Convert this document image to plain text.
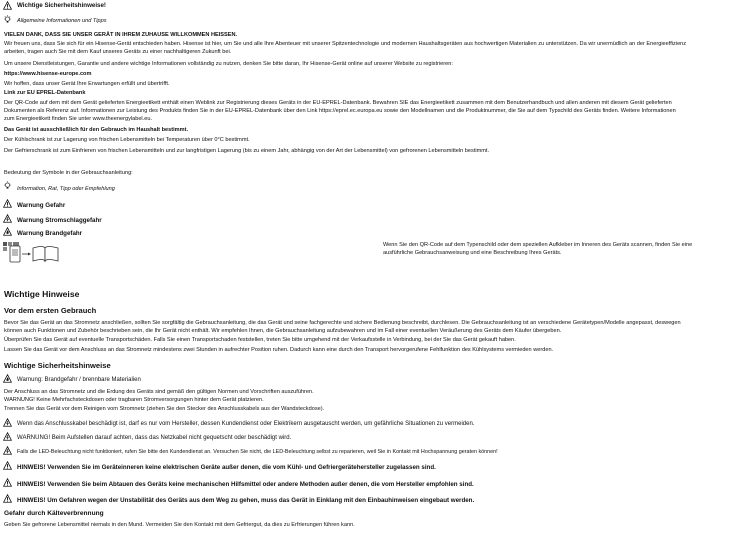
Wichtige Sicherheitshinweise!
Allgemeine Informationen und Tipps
VIELEN DANK, DASS SIE UNSER GERÄT IN IHREM ZUHAUSE WILLKOMMEN HEISSEN.
Wir freuen uns, dass Sie sich für ein Hisense-Gerät entschieden haben. Hisense ist hier, um Sie und alle Ihre Abenteuer mit unserer Spitzentechnologie und modernen Haushaltsgeräten aus hochwertigen Materialien zu unterstützen. Da wir unermüdlich an der Energieeffizienz
arbeiten, tragen auch Sie mit dem Kauf unseres Geräts zu einer nachhaltigeren Zukunft bei.
Um unsere Dienstleistungen, Garantie und andere wichtige Informationen vollständig zu nutzen, denken Sie bitte daran, Ihr Hisense-Gerät online auf unserer Website zu registrieren:
https://www.hisense-europe.com
Wir hoffen, dass unser Gerät Ihre Erwartungen erfüllt und übertrifft.
Link zur EU EPREL-Datenbank
Der QR-Code auf dem mit dem Gerät gelieferten Energieetikett enthält einen Weblink zur Registrierung dieses Geräts in der EU-EPREL-Datenbank. Bewahren SIE das Energieetikett zusammen mit dem Benutzerhandbuch und allen anderen mit diesem Gerät gelieferten
Dokumenten als Referenz auf. Informationen zur Leistung des Produkts finden Sie in der EU-EPREL-Datenbank über den Link https://eprel.ec.europa.eu sowie den Modellnamen und die Produktnummer, die Sie auf dem Typschild des Geräts finden. Weitere Informationen
zum Energieetikett finden Sie unter www.theenergylabel.eu.
Das Gerät ist ausschließlich für den Gebrauch im Haushalt bestimmt.
Der Kühlschrank ist zur Lagerung von frischen Lebensmitteln bei Temperaturen über 0°C bestimmt.
Der Gefrierschrank ist zum Einfrieren von frischen Lebensmitteln und zur langfristigen Lagerung (bis zu einem Jahr, abhängig von der Art der Lebensmittel) von gefrorenen Lebensmitteln bestimmt.
Bedeutung der Symbole in der Gebrauchsanleitung:
Information, Rat, Tipp oder Empfehlung
Warnung Gefahr
Warnung Stromschlaggefahr
Warnung Brandgefahr
Wenn Sie den QR-Code auf dem Typenschild oder dem speziellen Aufkleber im Inneren des Geräts scannen, finden Sie eine ausführliche Gebrauchsanweisung und eine Beschreibung Ihres Geräts.
Wichtige Hinweise
Vor dem ersten Gebrauch
Bevor Sie das Gerät an das Stromnetz anschließen, sollten Sie sorgfältig die Gebrauchsanleitung, die das Gerät und seine fachgerechte und sichere Bedienung beschreibt, durchlesen. Die Gebrauchsanleitung ist an verschiedene Gerätetypen/Modelle angepasst, deswegen
können auch Funktionen und Zubehör beschrieben sein, die Ihr Gerät nicht enthält. Wir empfehlen Ihnen, die Gebrauchsanleitung aufzubewahren und im Fall einer eventuellen Veräußerung des Geräts dem Käufer übergeben.
Überprüfen Sie das Gerät auf eventuelle Transportschäden. Falls Sie einen Transportschaden feststellen, treten Sie bitte umgehend mit der Verkaufsstelle in Verbindung, bei der Sie das Gerät gekauft haben.
Lassen Sie das Gerät vor dem Anschluss an das Stromnetz mindestens zwei Stunden in aufrechter Position ruhen. Dadurch kann eine durch den Transport hervorgerufene Fehlfunktion des Kühlsystems vermieden werden.
Wichtige Sicherheitshinweise
Warnung: Brandgefahr / brennbare Materialien
Der Anschluss an das Stromnetz und die Erdung des Geräts sind gemäß den gültigen Normen und Vorschriften auszuführen.
WARNUNG! Keine Mehrfachsteckdosen oder tragbaren Stromversorgungen hinter dem Gerät platzieren.
Trennen Sie das Gerät vor dem Reinigen vom Stromnetz (ziehen Sie den Stecker des Anschlusskabels aus der Wandsteckdose).
Wenn das Anschlusskabel beschädigt ist, darf es nur vom Hersteller, dessen Kundendienst oder Elektrikern ausgetauscht werden, um gefährliche Situationen zu vermeiden.
WARNUNG! Beim Aufstellen darauf achten, dass das Netzkabel nicht gequetscht oder beschädigt wird.
Falls die LED-Beleuchtung nicht funktioniert, rufen Sie bitte den Kundendienst an. Versuchen Sie nicht, die LED-Beleuchtung selbst zu reparieren, weil Sie in Kontakt mit Hochspannung geraten können!
HINWEIS! Verwenden Sie im Geräteinneren keine elektrischen Geräte außer denen, die vom Kühl- und Gefriergerätehersteller zugelassen sind.
HINWEIS! Verwenden Sie beim Abtauen des Geräts keine mechanischen Hilfsmittel oder andere Methoden außer denen, die vom Hersteller empfohlen sind.
HINWEIS! Um Gefahren wegen der Unstabilität des Geräts aus dem Weg zu gehen, muss das Gerät in Einklang mit den Einbauhinweisen eingebaut werden.
Gefahr durch Kälteverbrennung
Geben Sie gefrorene Lebensmittel niemals in den Mund. Vermeiden Sie den Kontakt mit dem Gefriergut, da dies zu Erfrierungen führen kann.
